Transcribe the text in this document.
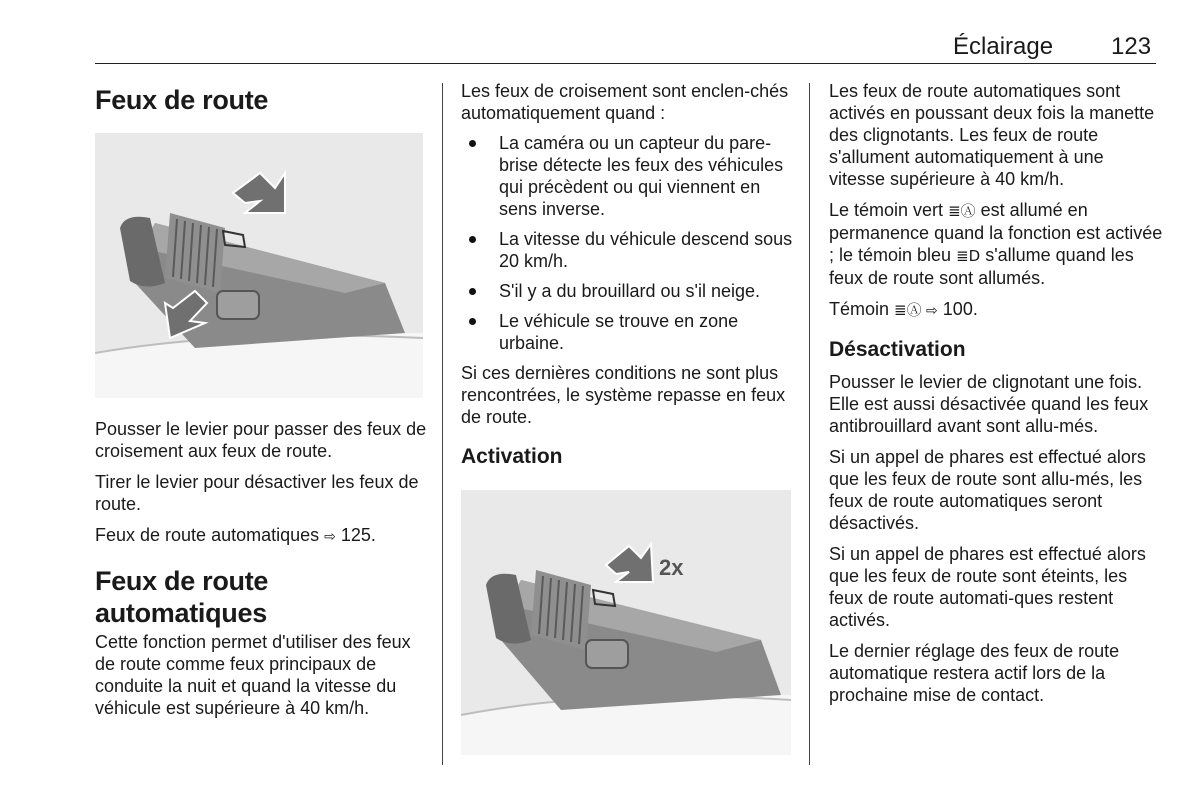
Éclairage 123
Feux de route

Pousser le levier pour passer des feux de croisement aux feux de route.

Tirer le levier pour désactiver les feux de route.

Feux de route automatiques ⇨ 125.

Feux de route automatiques

Cette fonction permet d'utiliser des feux de route comme feux principaux de conduite la nuit et quand la vitesse du véhicule est supérieure à 40 km/h.

Les feux de croisement sont enclen‑chés automatiquement quand :

La caméra ou un capteur du pare-brise détecte les feux des véhicules qui précèdent ou qui viennent en sens inverse.
La vitesse du véhicule descend sous 20 km/h.
S'il y a du brouillard ou s'il neige.
Le véhicule se trouve en zone urbaine.

Si ces dernières conditions ne sont plus rencontrées, le système repasse en feux de route.

Activation
2x

Les feux de route automatiques sont activés en poussant deux fois la manette des clignotants. Les feux de route s'allument automatiquement à une vitesse supérieure à 40 km/h.

Le témoin vert ≣Ⓐ est allumé en permanence quand la fonction est activée ; le témoin bleu ≣D s'allume quand les feux de route sont allumés.

Témoin ≣Ⓐ ⇨ 100.

Désactivation

Pousser le levier de clignotant une fois. Elle est aussi désactivée quand les feux antibrouillard avant sont allu‑més.

Si un appel de phares est effectué alors que les feux de route sont allu‑més, les feux de route automatiques seront désactivés.

Si un appel de phares est effectué alors que les feux de route sont éteints, les feux de route automati‑ques restent activés.

Le dernier réglage des feux de route automatique restera actif lors de la prochaine mise de contact.
